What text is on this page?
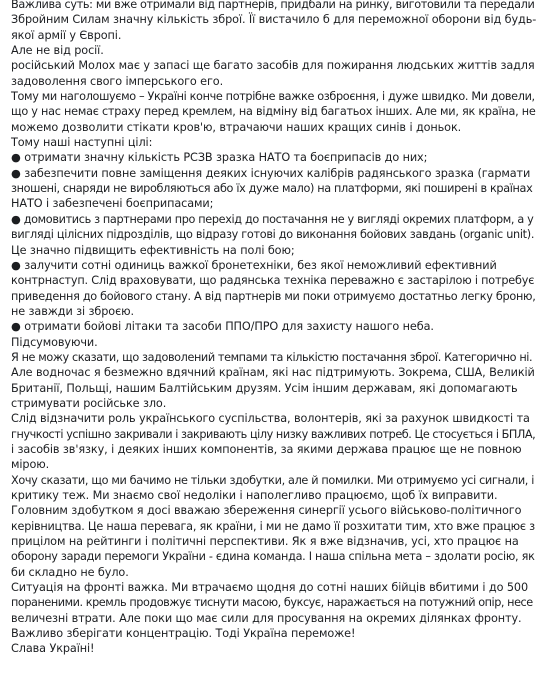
Важлива суть: ми вже отримали від партнерів, придбали на ринку, виготовили та передали
Збройним Силам значну кількість зброї. Її вистачило б для переможної оборони від будь-
якої армії у Європі.
Але не від росії.
російський Молох має у запасі ще багато засобів для пожирання людських життів задля
задоволення свого імперського его.
Тому ми наголошуємо – Україні конче потрібне важке озброєння, і дуже швидко. Ми довели,
що у нас немає страху перед кремлем, на відміну від багатьох інших. Але ми, як країна, не
можемо дозволити стікати кров'ю, втрачаючи наших кращих синів і доньок.
Тому наші наступні цілі:
● отримати значну кількість РСЗВ зразка НАТО та боєприпасів до них;
● забезпечити повне заміщення деяких існуючих калібрів радянського зразка (гармати
зношені, снаряди не виробляються або їх дуже мало) на платформи, які поширені в країнах
НАТО і забезпечені боєприпасами;
● домовитись з партнерами про перехід до постачання не у вигляді окремих платформ, а у
вигляді цілісних підрозділів, що відразу готові до виконання бойових завдань (organic unit).
Це значно підвищить ефективність на полі бою;
● залучити сотні одиниць важкої бронетехніки, без якої неможливий ефективний
контрнаступ. Слід враховувати, що радянська техніка переважно є застарілою і потребує
приведення до бойового стану. А від партнерів ми поки отримуємо достатньо легку броню,
не завжди зі зброєю.
● отримати бойові літаки та засоби ППО/ПРО для захисту нашого неба.
Підсумовуючи.
Я не можу сказати, що задоволений темпами та кількістю постачання зброї. Категорично ні.
Але водночас я безмежно вдячний країнам, які нас підтримують. Зокрема, США, Великій
Британії, Польщі, нашим Балтійським друзям. Усім іншим державам, які допомагають
стримувати російське зло.
Слід відзначити роль українського суспільства, волонтерів, які за рахунок швидкості та
гнучкості успішно закривали і закривають цілу низку важливих потреб. Це стосується і БПЛА,
і засобів зв'язку, і деяких інших компонентів, за якими держава працює ще не повною
мірою.
Хочу сказати, що ми бачимо не тільки здобутки, але й помилки. Ми отримуємо усі сигнали, і
критику теж. Ми знаємо свої недоліки і наполегливо працюємо, щоб їх виправити.
Головним здобутком я досі вважаю збереження синергії усього військово-політичного
керівництва. Це наша перевага, як країни, і ми не дамо її розхитати тим, хто вже працює з
прицілом на рейтинги і політичні перспективи. Як я вже відзначив, усі, хто працює на
оборону заради перемоги України - єдина команда. І наша спільна мета – здолати росію, як
би складно не було.
Ситуація на фронті важка. Ми втрачаємо щодня до сотні наших бійців вбитими і до 500
пораненими. кремль продовжує тиснути масою, буксує, наражається на потужний опір, несе
величезні втрати. Але поки що має сили для просування на окремих ділянках фронту.
Важливо зберігати концентрацію. Тоді Україна переможе!
Слава Україні!
